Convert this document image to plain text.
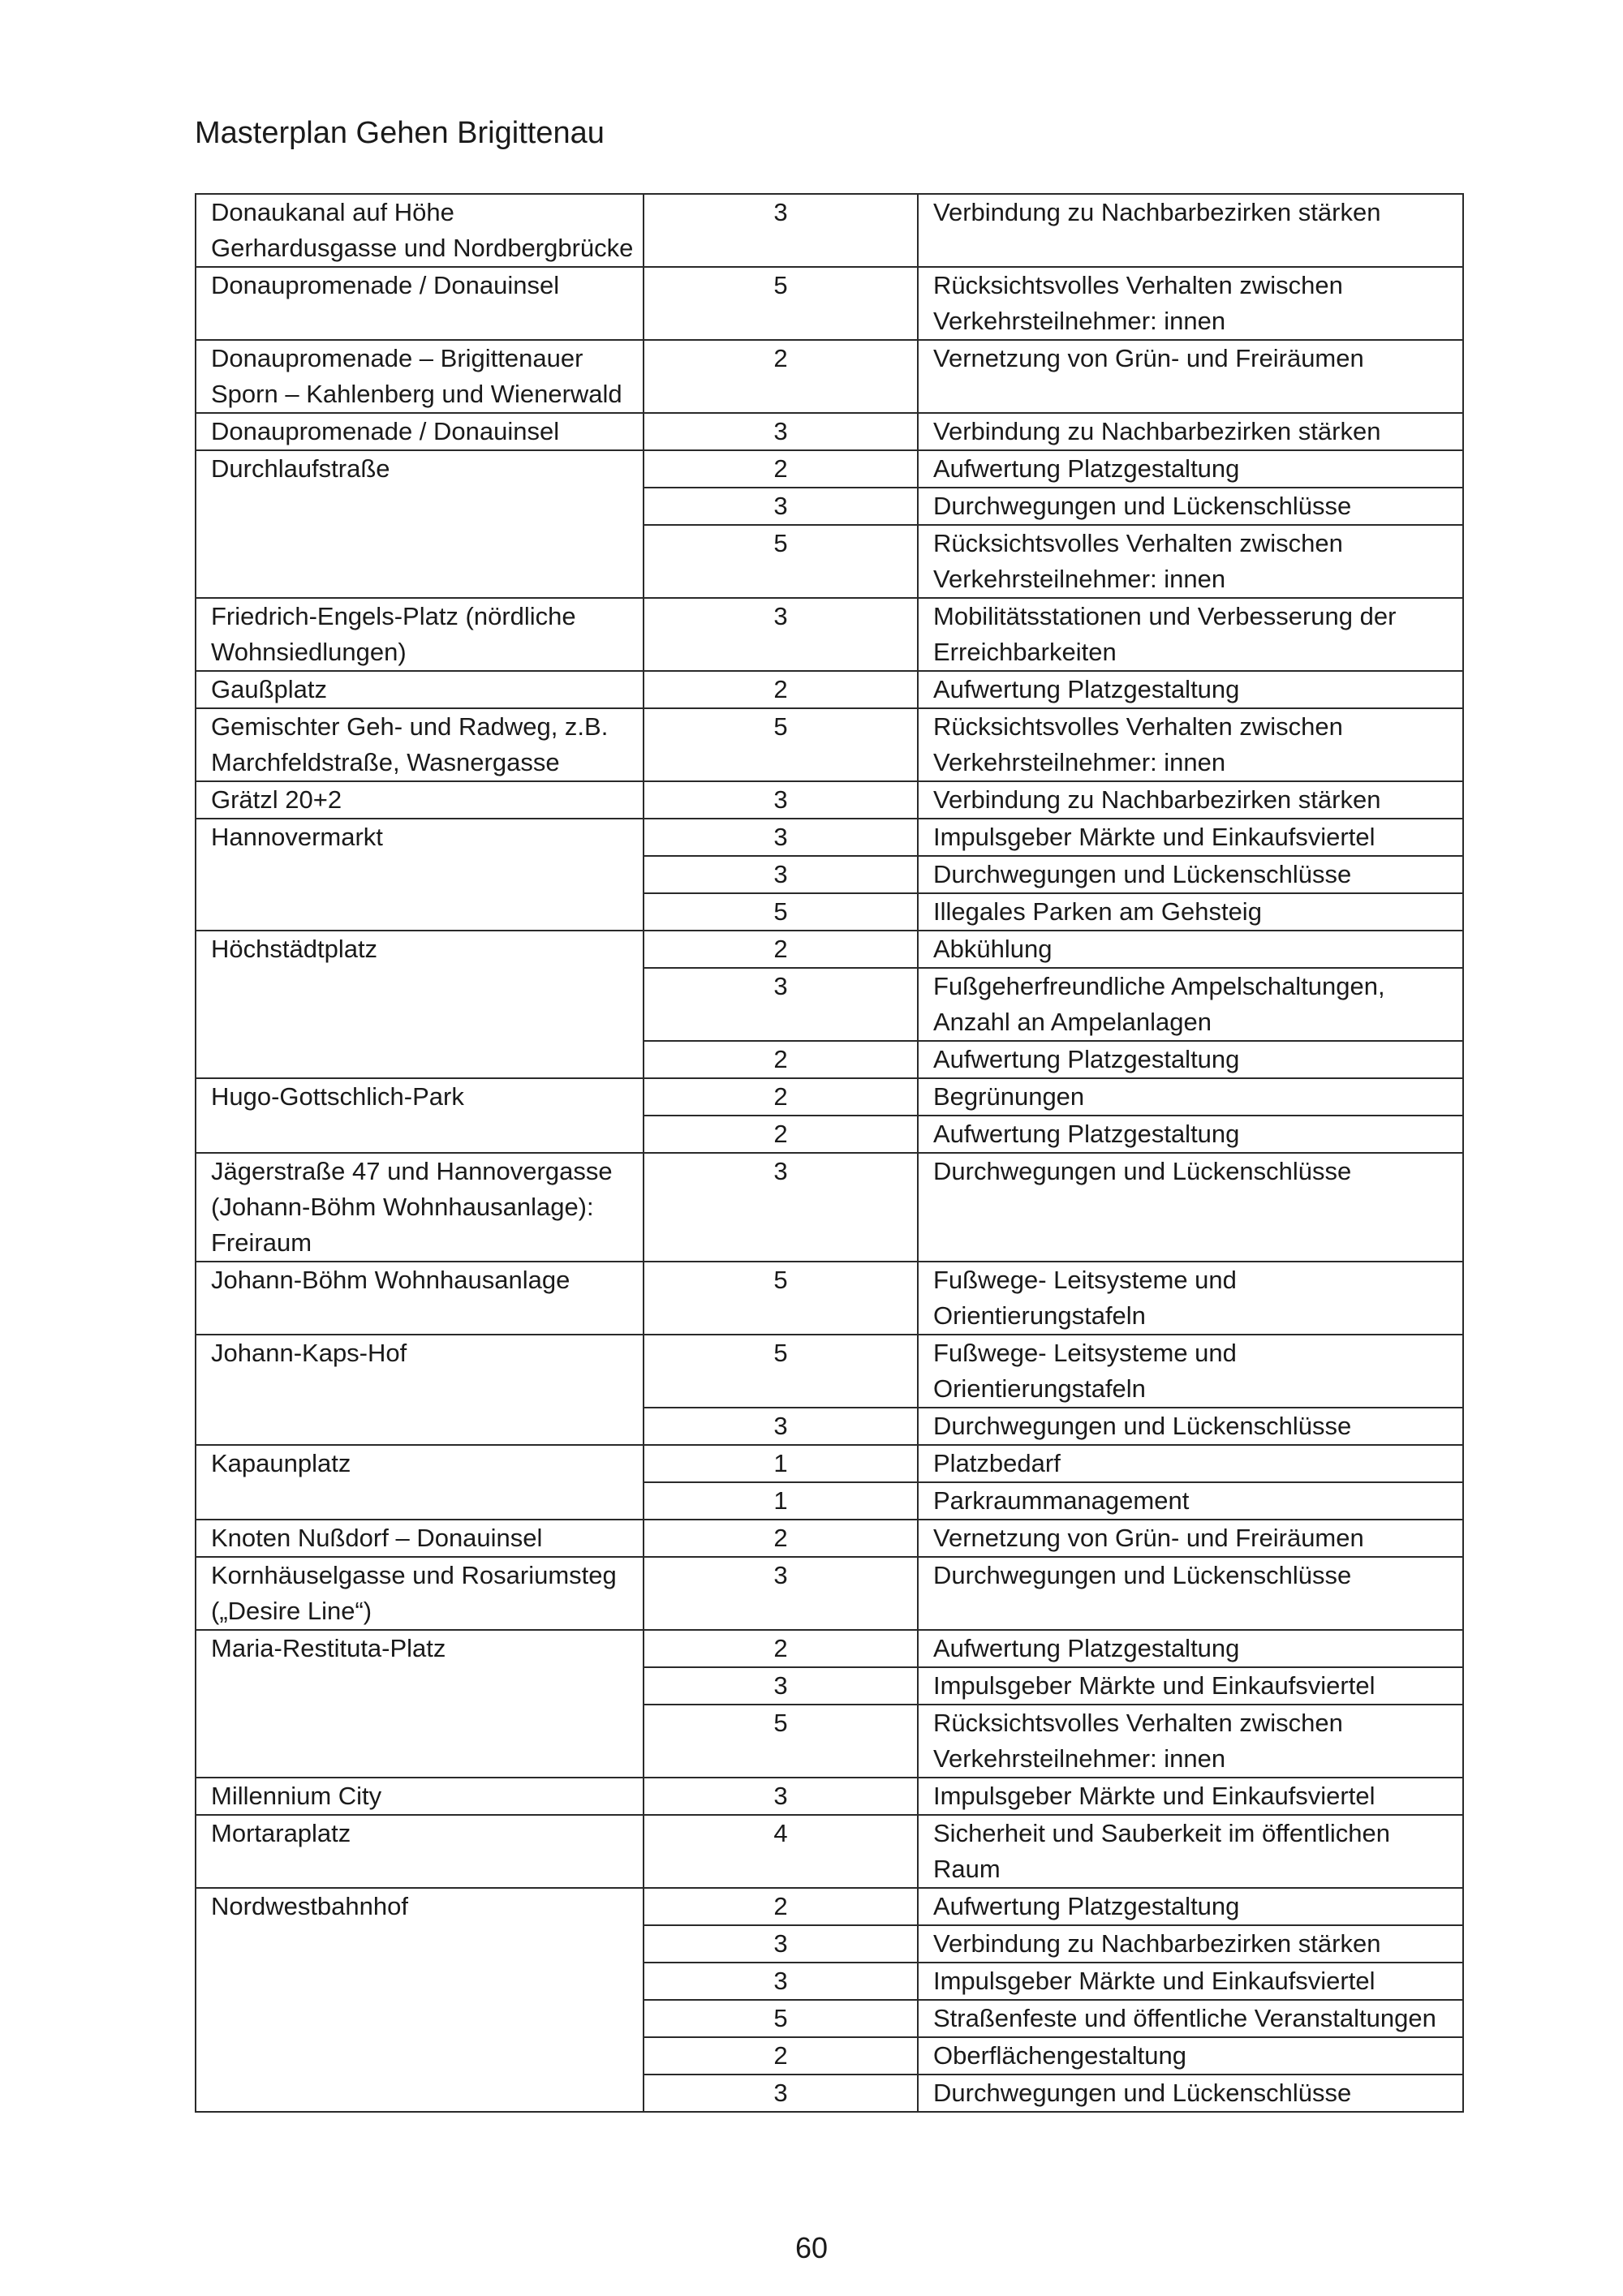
Masterplan Gehen Brigittenau
Donaukanal auf Höhe Gerhardusgasse und Nordbergbrücke	3	Verbindung zu Nachbarbezirken stärken
Donaupromenade / Donauinsel	5	Rücksichtsvolles Verhalten zwischen Verkehrsteilnehmer: innen
Donaupromenade – Brigittenauer Sporn – Kahlenberg und Wienerwald	2	Vernetzung von Grün- und Freiräumen
Donaupromenade / Donauinsel	3	Verbindung zu Nachbarbezirken stärken
Durchlaufstraße	2	Aufwertung Platzgestaltung
	3	Durchwegungen und Lückenschlüsse
	5	Rücksichtsvolles Verhalten zwischen Verkehrsteilnehmer: innen
Friedrich-Engels-Platz (nördliche Wohnsiedlungen)	3	Mobilitätsstationen und Verbesserung der Erreichbarkeiten
Gaußplatz	2	Aufwertung Platzgestaltung
Gemischter Geh- und Radweg, z.B. Marchfeldstraße, Wasnergasse	5	Rücksichtsvolles Verhalten zwischen Verkehrsteilnehmer: innen
Grätzl 20+2	3	Verbindung zu Nachbarbezirken stärken
Hannovermarkt	3	Impulsgeber Märkte und Einkaufsviertel
	3	Durchwegungen und Lückenschlüsse
	5	Illegales Parken am Gehsteig
Höchstädtplatz	2	Abkühlung
	3	Fußgeherfreundliche Ampelschaltungen, Anzahl an Ampelanlagen
	2	Aufwertung Platzgestaltung
Hugo-Gottschlich-Park	2	Begrünungen
	2	Aufwertung Platzgestaltung
Jägerstraße 47 und Hannovergasse (Johann-Böhm Wohnhausanlage): Freiraum	3	Durchwegungen und Lückenschlüsse
Johann-Böhm Wohnhausanlage	5	Fußwege- Leitsysteme und Orientierungstafeln
Johann-Kaps-Hof	5	Fußwege- Leitsysteme und Orientierungstafeln
	3	Durchwegungen und Lückenschlüsse
Kapaunplatz	1	Platzbedarf
	1	Parkraummanagement
Knoten Nußdorf – Donauinsel	2	Vernetzung von Grün- und Freiräumen
Kornhäuselgasse und Rosariumsteg („Desire Line“)	3	Durchwegungen und Lückenschlüsse
Maria-Restituta-Platz	2	Aufwertung Platzgestaltung
	3	Impulsgeber Märkte und Einkaufsviertel
	5	Rücksichtsvolles Verhalten zwischen Verkehrsteilnehmer: innen
Millennium City	3	Impulsgeber Märkte und Einkaufsviertel
Mortaraplatz	4	Sicherheit und Sauberkeit im öffentlichen Raum
Nordwestbahnhof	2	Aufwertung Platzgestaltung
	3	Verbindung zu Nachbarbezirken stärken
	3	Impulsgeber Märkte und Einkaufsviertel
	5	Straßenfeste und öffentliche Veranstaltungen
	2	Oberflächengestaltung
	3	Durchwegungen und Lückenschlüsse
60
